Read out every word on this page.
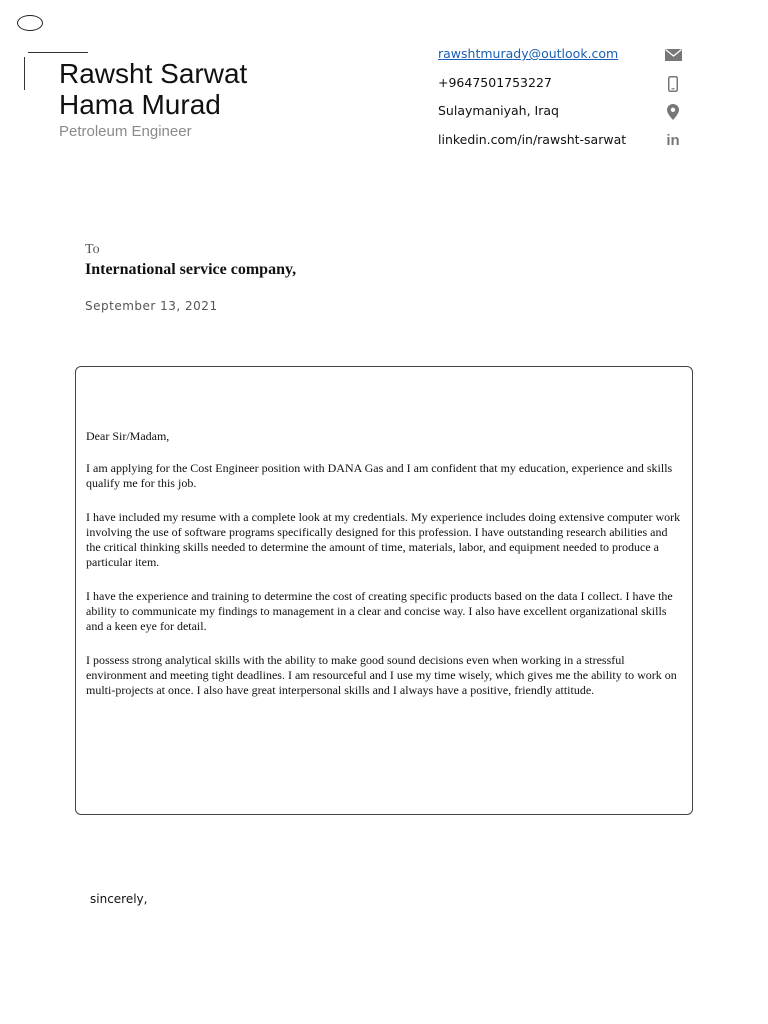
Rawsht Sarwat
Hama Murad
Petroleum Engineer
rawshtmurady@outlook.com
+9647501753227
Sulaymaniyah, Iraq
linkedin.com/in/rawsht-sarwat	in
To
International service company,
September 13, 2021

Dear Sir/Madam,

I am applying for the Cost Engineer position with DANA Gas and I am confident that my education, experience and skills qualify me for this job.

I have included my resume with a complete look at my credentials. My experience includes doing extensive computer work involving the use of software programs specifically designed for this profession. I have outstanding research abilities and the critical thinking skills needed to determine the amount of time, materials, labor, and equipment needed to produce a particular item.

I have the experience and training to determine the cost of creating specific products based on the data I collect. I have the ability to communicate my findings to management in a clear and concise way. I also have excellent organizational skills and a keen eye for detail.

I possess strong analytical skills with the ability to make good sound decisions even when working in a stressful environment and meeting tight deadlines. I am resourceful and I use my time wisely, which gives me the ability to work on multi-projects at once. I also have great interpersonal skills and I always have a positive, friendly attitude.

sincerely,
